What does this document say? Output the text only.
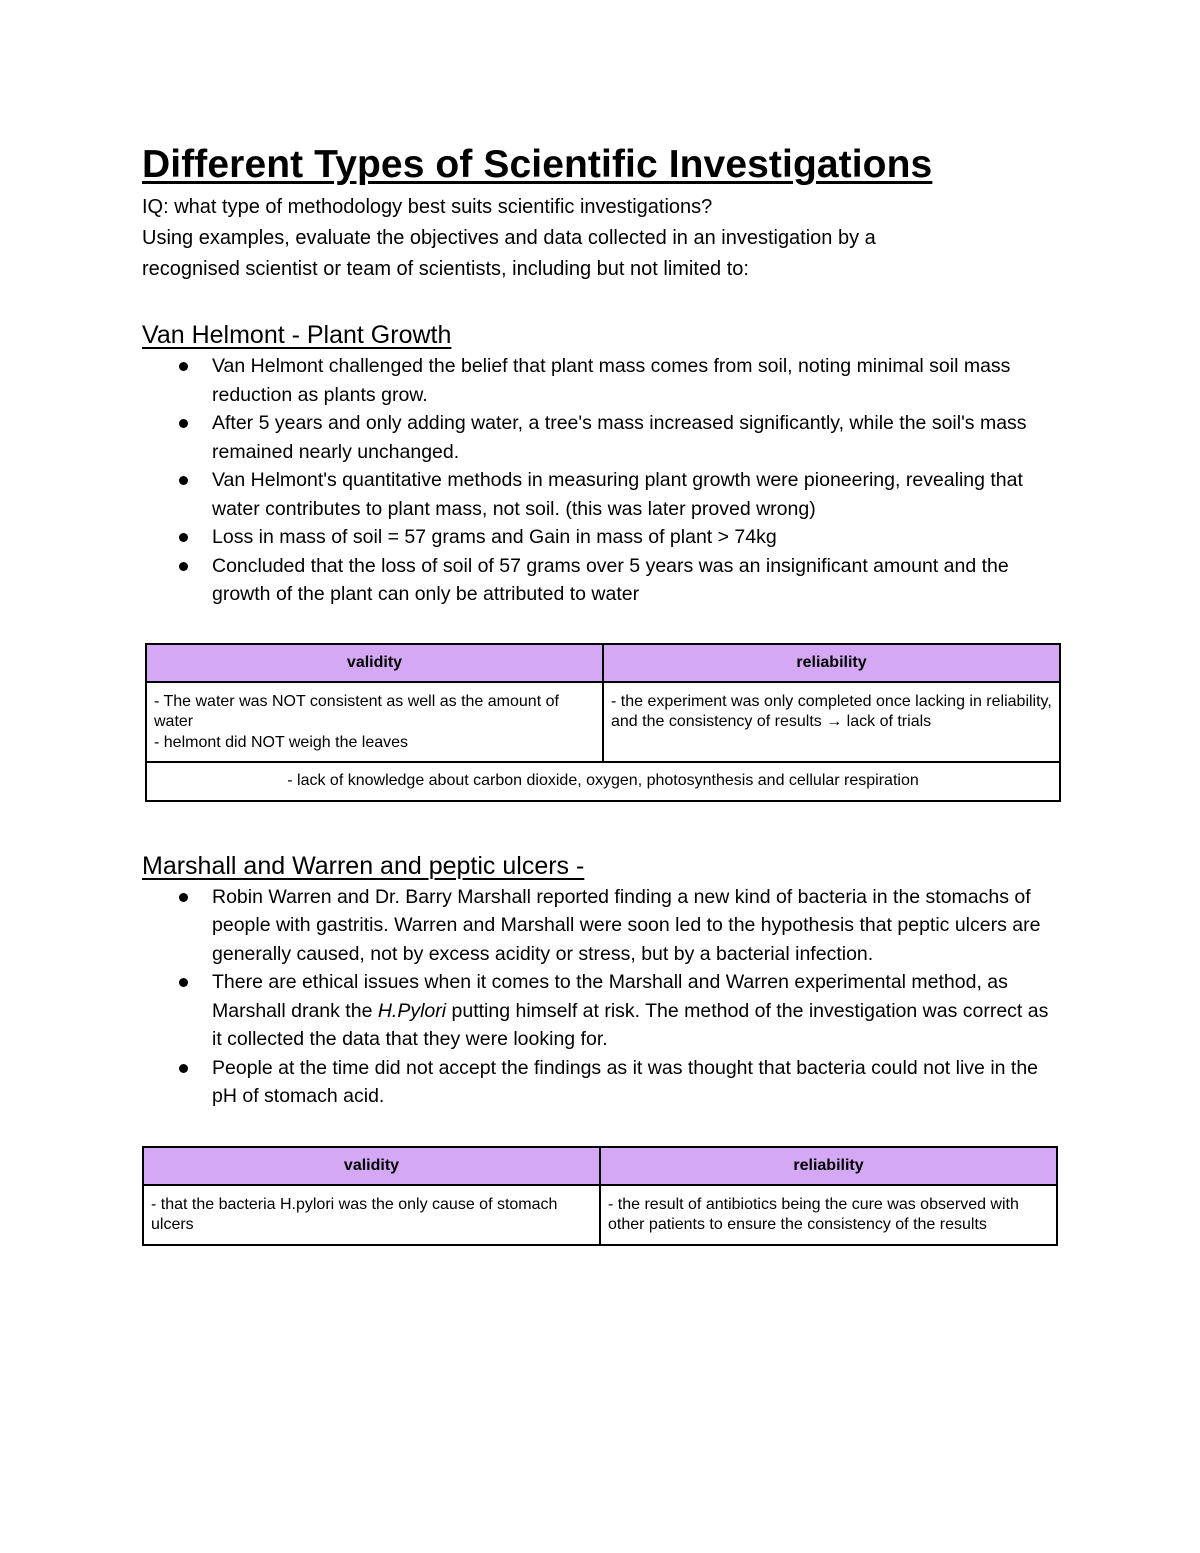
Different Types of Scientific Investigations

IQ: what type of methodology best suits scientific investigations?

Using examples, evaluate the objectives and data collected in an investigation by a

recognised scientist or team of scientists, including but not limited to:

Van Helmont - Plant Growth
Van Helmont challenged the belief that plant mass comes from soil, noting minimal soil mass reduction as plants grow.
After 5 years and only adding water, a tree's mass increased significantly, while the soil's mass remained nearly unchanged.
Van Helmont's quantitative methods in measuring plant growth were pioneering, revealing that water contributes to plant mass, not soil. (this was later proved wrong)
Loss in mass of soil = 57 grams and Gain in mass of plant > 74kg
Concluded that the loss of soil of 57 grams over 5 years was an insignificant amount and the growth of the plant can only be attributed to water
validity	reliability

- The water was NOT consistent as well as the amount of water
- helmont did NOT weigh the leaves	- the experiment was only completed once lacking in reliability, and the consistency of results → lack of trials

- lack of knowledge about carbon dioxide, oxygen, photosynthesis and cellular respiration	
Marshall and Warren and peptic ulcers -
Robin Warren and Dr. Barry Marshall reported finding a new kind of bacteria in the stomachs of people with gastritis. Warren and Marshall were soon led to the hypothesis that peptic ulcers are generally caused, not by excess acidity or stress, but by a bacterial infection.
There are ethical issues when it comes to the Marshall and Warren experimental method, as Marshall drank the H.Pylori putting himself at risk. The method of the investigation was correct as it collected the data that they were looking for.
People at the time did not accept the findings as it was thought that bacteria could not live in the pH of stomach acid.
validity	reliability

- that the bacteria H.pylori was the only cause of stomach ulcers	- the result of antibiotics being the cure was observed with other patients to ensure the consistency of the results
